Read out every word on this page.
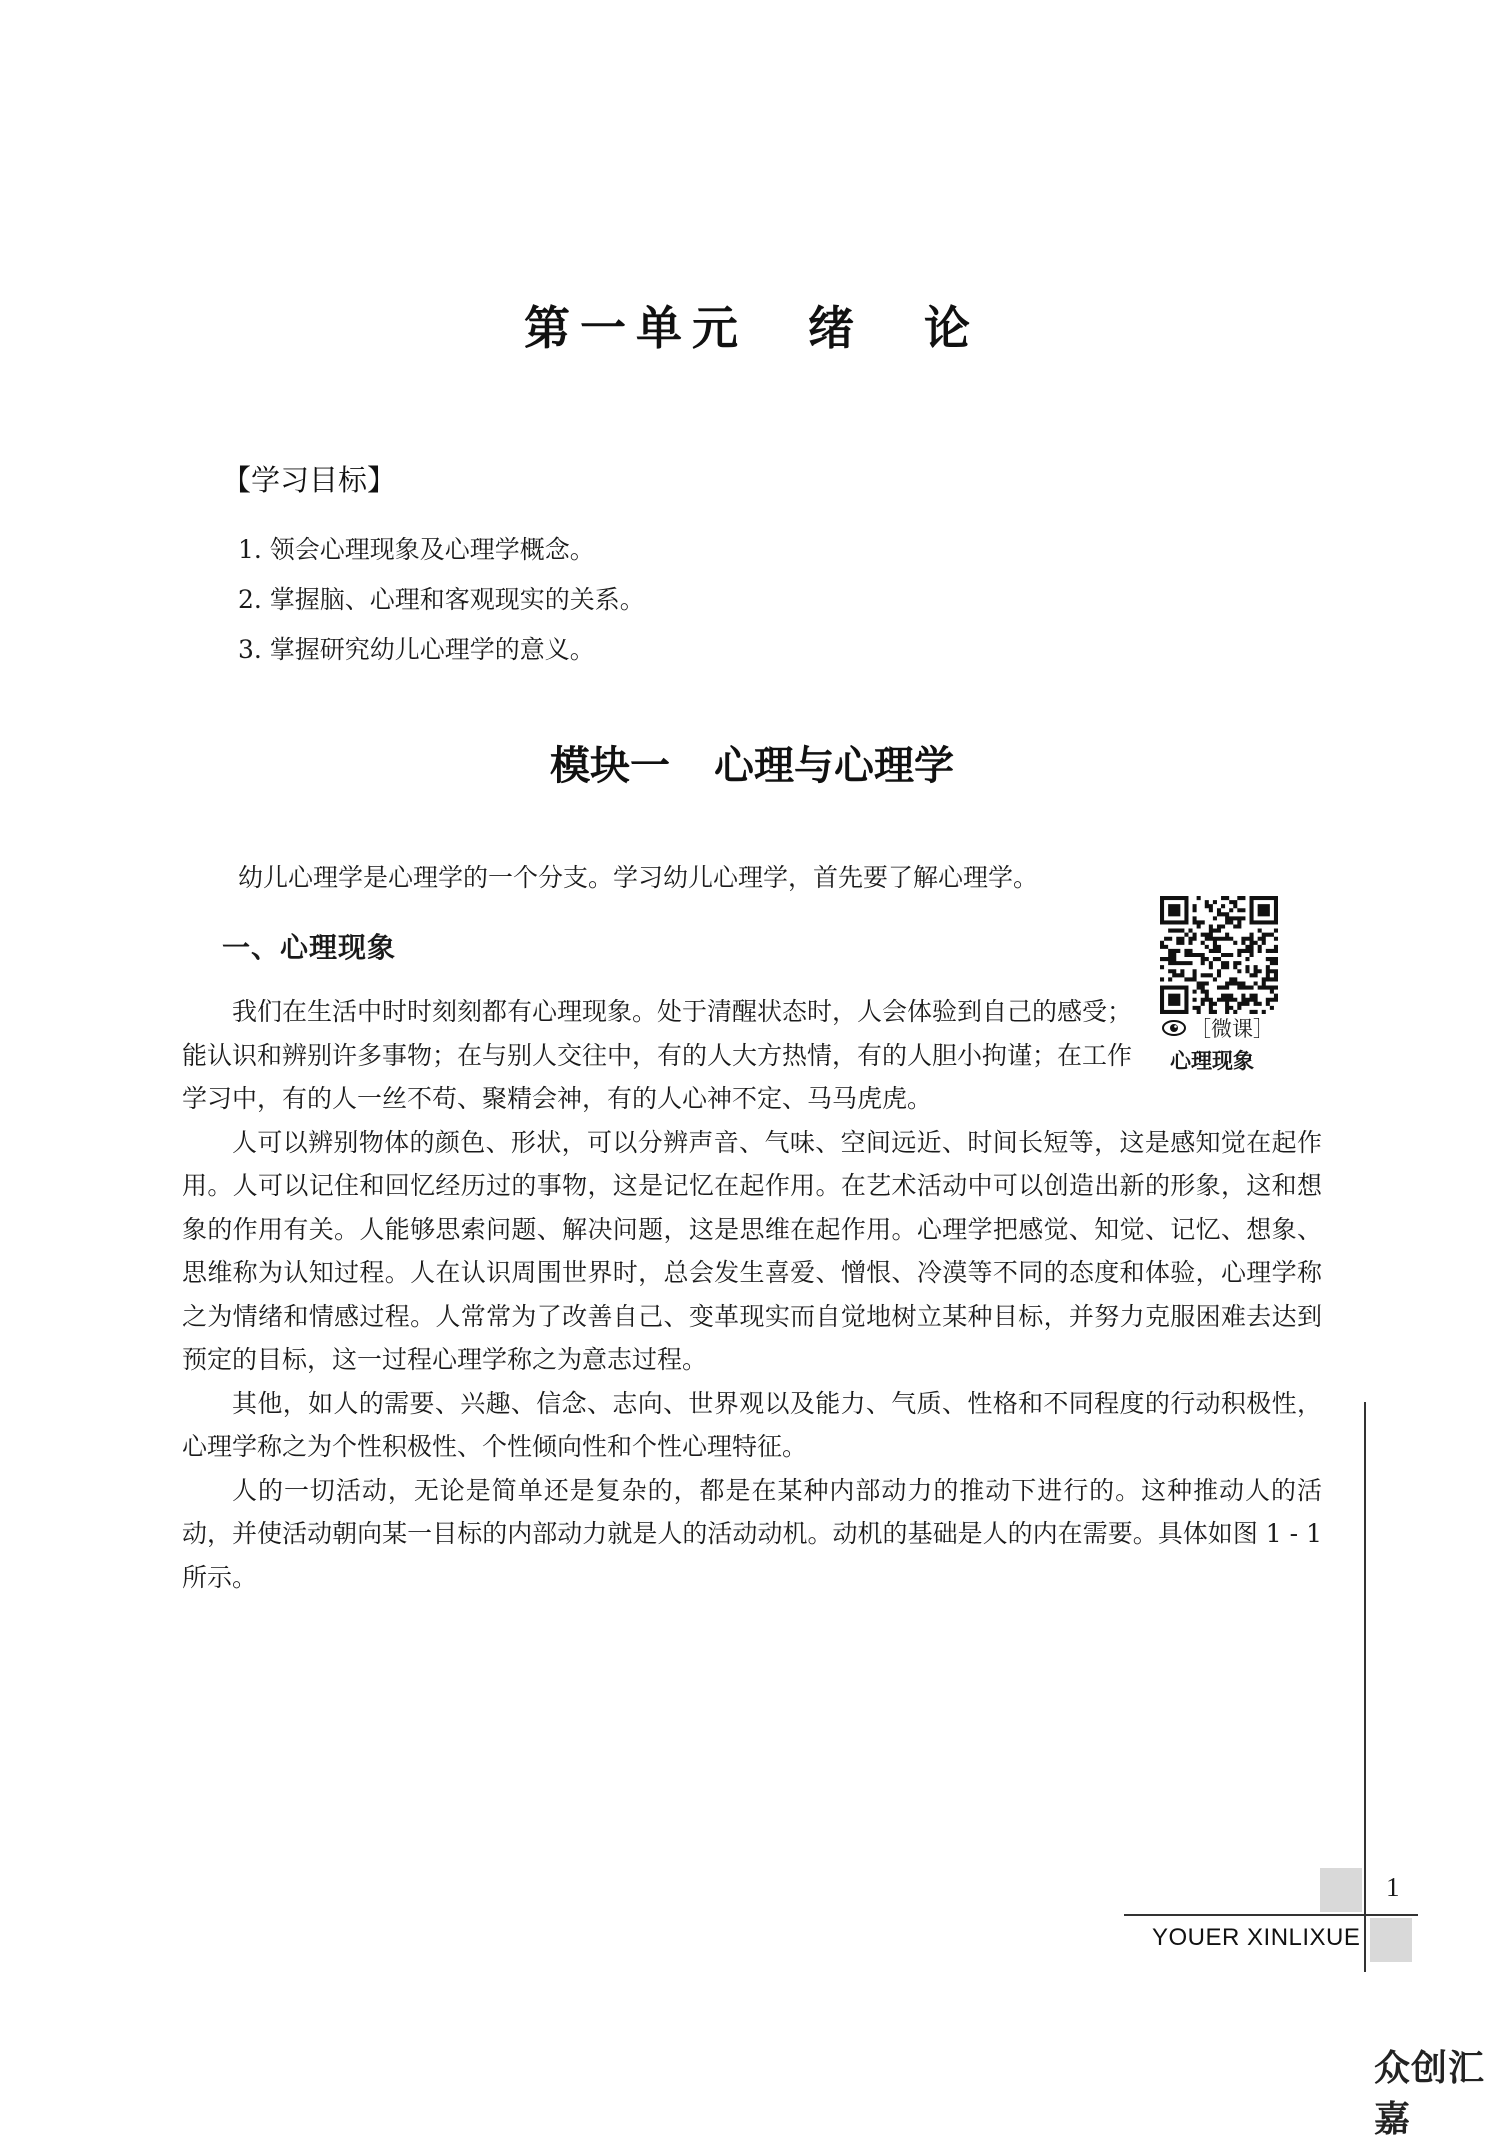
第一单元 绪 论
【学习目标】
1. 领会心理现象及心理学概念。
2. 掌握脑、心理和客观现实的关系。
3. 掌握研究幼儿心理学的意义。
模块一 心理与心理学
幼儿心理学是心理学的一个分支。学习幼儿心理学，首先要了解心理学。
一、心理现象
［微课］
心理现象

我们在生活中时时刻刻都有心理现象。处于清醒状态时，人会体验到自己的感受；能认识和辨别许多事物；在与别人交往中，有的人大方热情，有的人胆小拘谨；在工作学习中，有的人一丝不苟、聚精会神，有的人心神不定、马马虎虎。

人可以辨别物体的颜色、形状，可以分辨声音、气味、空间远近、时间长短等，这是感知觉在起作用。人可以记住和回忆经历过的事物，这是记忆在起作用。在艺术活动中可以创造出新的形象，这和想象的作用有关。人能够思索问题、解决问题，这是思维在起作用。心理学把感觉、知觉、记忆、想象、思维称为认知过程。人在认识周围世界时，总会发生喜爱、憎恨、冷漠等不同的态度和体验，心理学称之为情绪和情感过程。人常常为了改善自己、变革现实而自觉地树立某种目标，并努力克服困难去达到预定的目标，这一过程心理学称之为意志过程。

其他，如人的需要、兴趣、信念、志向、世界观以及能力、气质、性格和不同程度的行动积极性，心理学称之为个性积极性、个性倾向性和个性心理特征。

人的一切活动，无论是简单还是复杂的，都是在某种内部动力的推动下进行的。这种推动人的活动，并使活动朝向某一目标的内部动力就是人的活动动机。动机的基础是人的内在需要。具体如图 1 - 1 所示。

1
YOUER XINLIXUE
众创汇嘉
